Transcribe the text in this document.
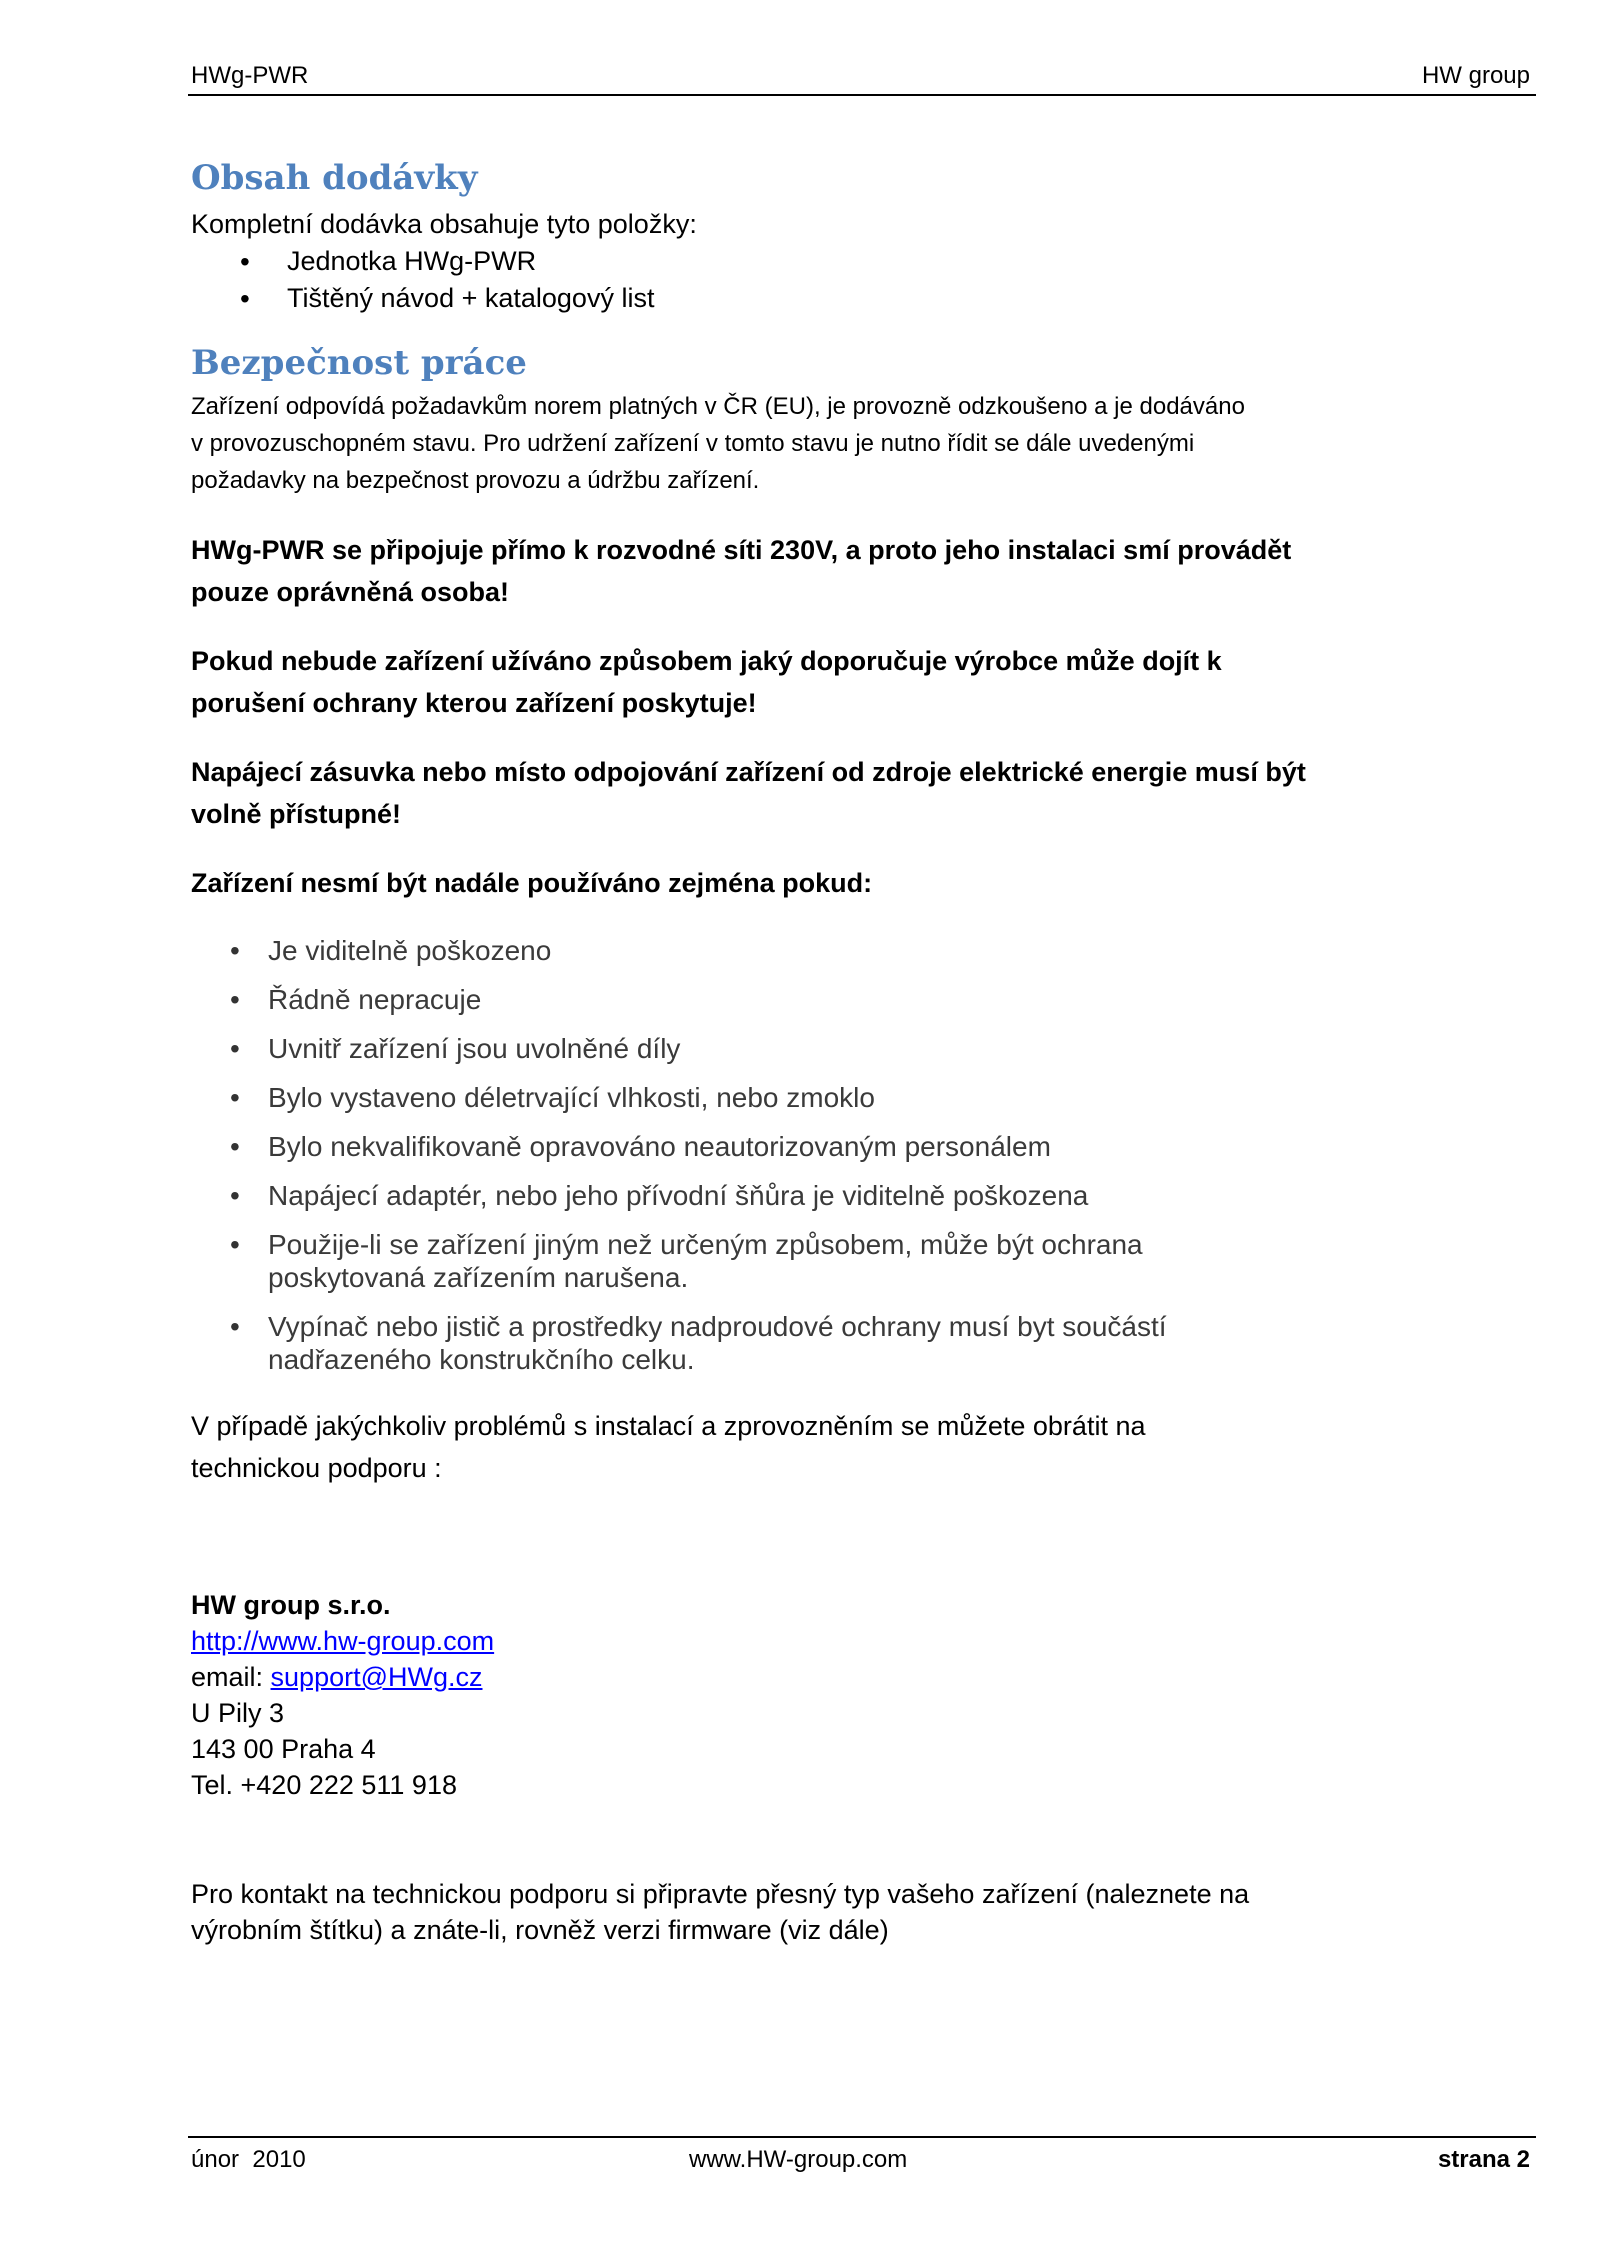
HWg-PWR	HW group
Obsah dodávky
Kompletní dodávka obsahuje tyto položky:
• Jednotka HWg-PWR
• Tištěný návod + katalogový list
Bezpečnost práce
Zařízení odpovídá požadavkům norem platných v ČR (EU), je provozně odzkoušeno a je dodáváno
v provozuschopném stavu. Pro udržení zařízení v tomto stavu je nutno řídit se dále uvedenými
požadavky na bezpečnost provozu a údržbu zařízení.
HWg-PWR se připojuje přímo k rozvodné síti 230V, a proto jeho instalaci smí provádět
pouze oprávněná osoba!
Pokud nebude zařízení užíváno způsobem jaký doporučuje výrobce může dojít k
porušení ochrany kterou zařízení poskytuje!
Napájecí zásuvka nebo místo odpojování zařízení od zdroje elektrické energie musí být
volně přístupné!
Zařízení nesmí být nadále používáno zejména pokud:
• Je viditelně poškozeno
• Řádně nepracuje
• Uvnitř zařízení jsou uvolněné díly
• Bylo vystaveno déletrvající vlhkosti, nebo zmoklo
• Bylo nekvalifikovaně opravováno neautorizovaným personálem
• Napájecí adaptér, nebo jeho přívodní šňůra je viditelně poškozena
• Použije-li se zařízení jiným než určeným způsobem, může být ochrana poskytovaná zařízením narušena.
• Vypínač nebo jistič a prostředky nadproudové ochrany musí byt součástí nadřazeného konstrukčního celku.
V případě jakýchkoliv problémů s instalací a zprovozněním se můžete obrátit na
technickou podporu :
HW group s.r.o.
http://www.hw-group.com
email: support@HWg.cz
U Pily 3
143 00 Praha 4
Tel. +420 222 511 918
Pro kontakt na technickou podporu si připravte přesný typ vašeho zařízení (naleznete na
výrobním štítku) a znáte-li, rovněž verzi firmware (viz dále)
únor  2010	www.HW-group.com	strana 2
